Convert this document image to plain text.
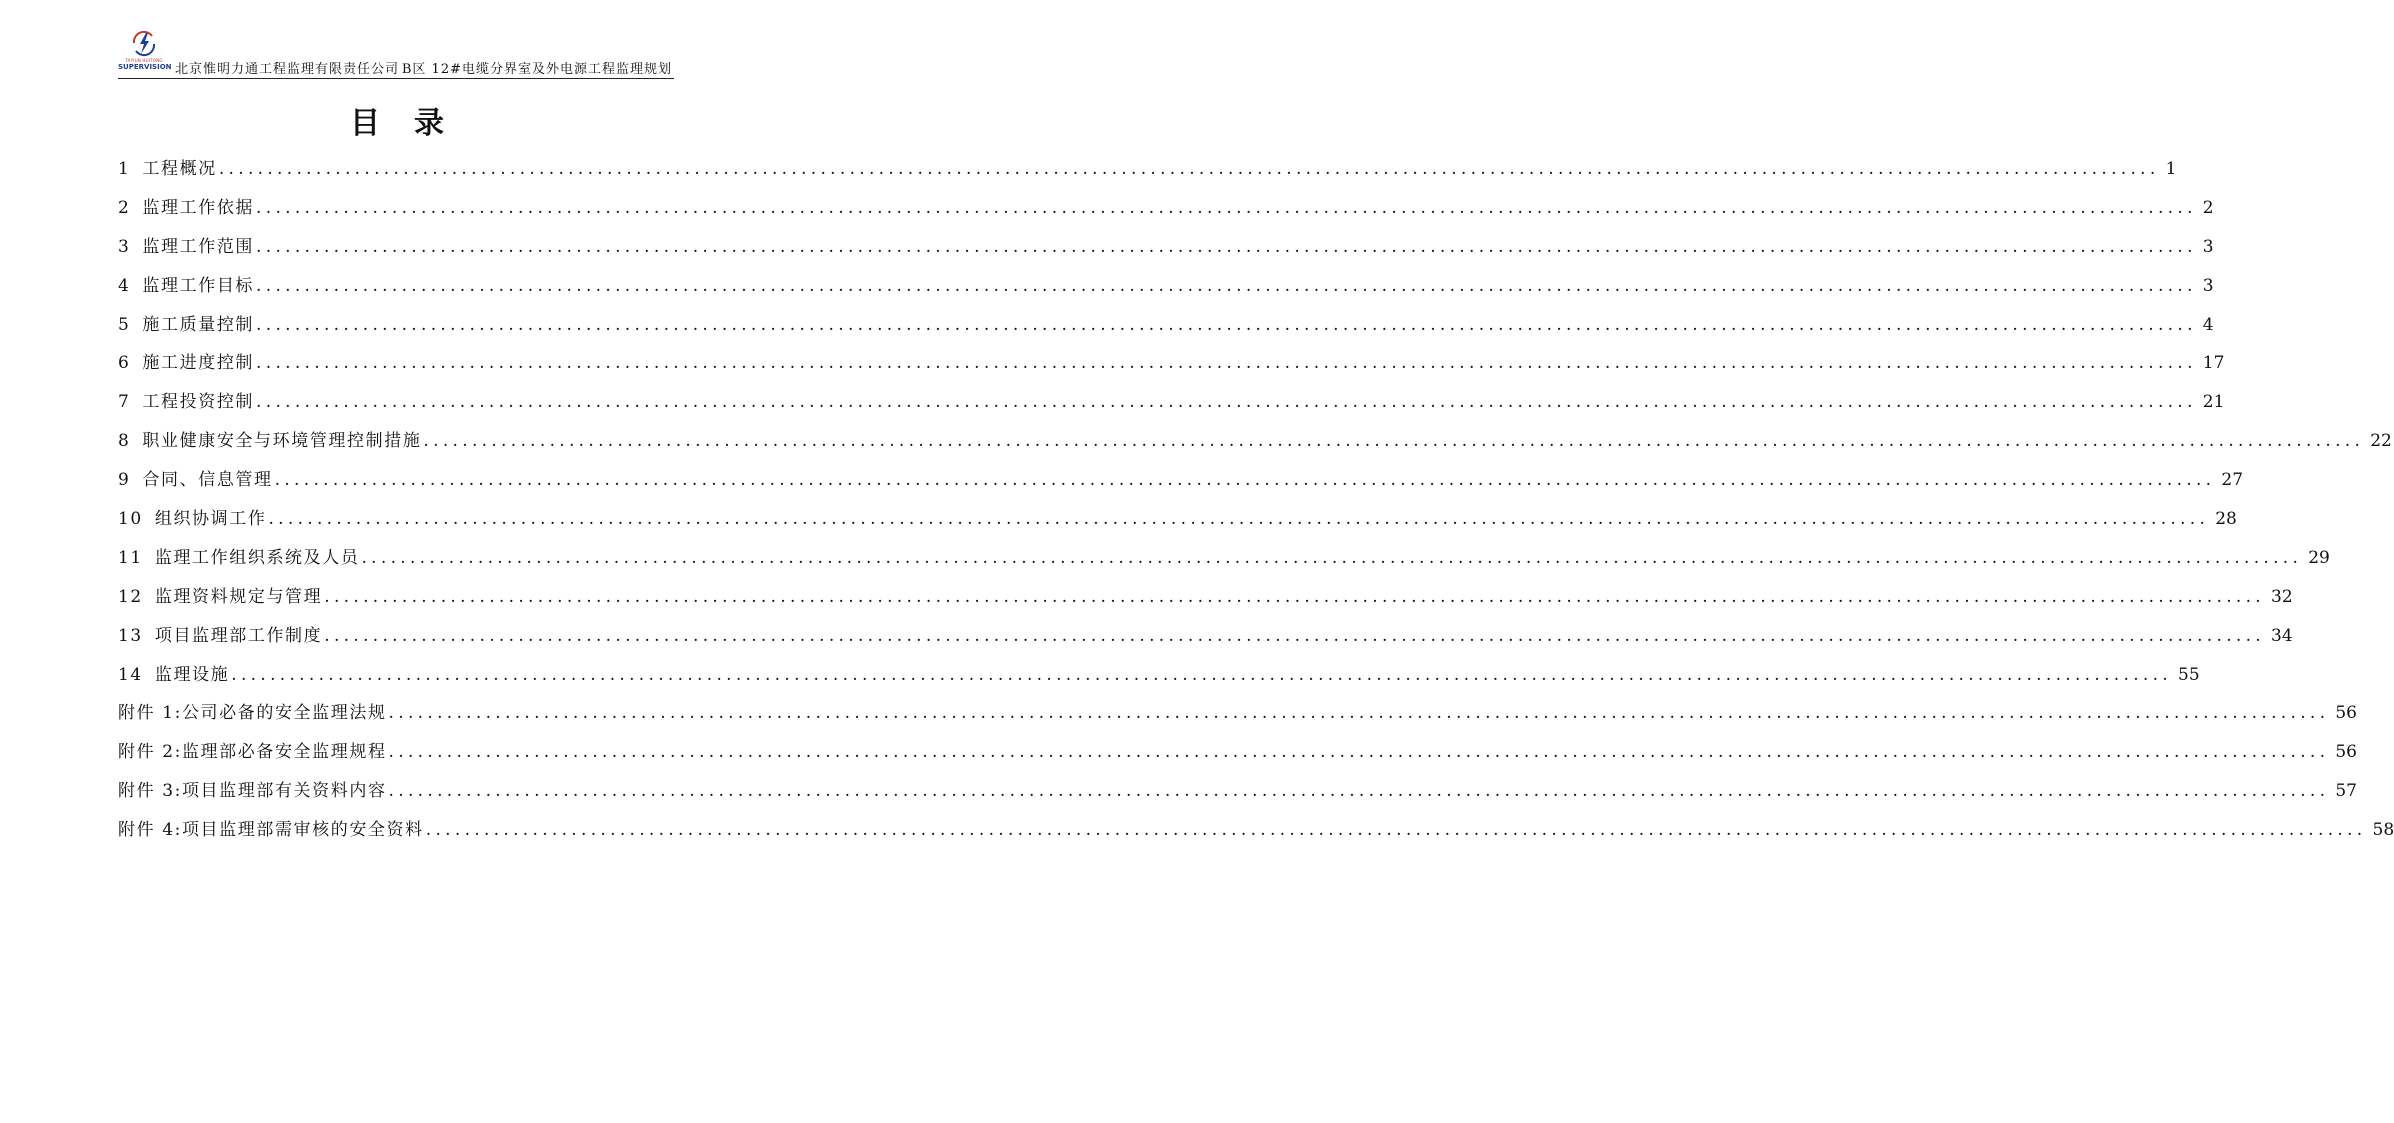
TAIYUN HUITONG
SUPERVISION 北京惟明力通工程监理有限责任公司 B区 12#电缆分界室及外电源工程监理规划
目录
1 工程概况 ........................................................................................................................................................................................................ 1
2 监理工作依据 ........................................................................................................................................................................................................ 2
3 监理工作范围 ........................................................................................................................................................................................................ 3
4 监理工作目标 ........................................................................................................................................................................................................ 3
5 施工质量控制 ........................................................................................................................................................................................................ 4
6 施工进度控制 ........................................................................................................................................................................................................ 17
7 工程投资控制 ........................................................................................................................................................................................................ 21
8 职业健康安全与环境管理控制措施 ........................................................................................................................................................................................................ 22
9 合同、信息管理 ........................................................................................................................................................................................................ 27
10 组织协调工作 ........................................................................................................................................................................................................ 28
11 监理工作组织系统及人员 ........................................................................................................................................................................................................ 29
12 监理资料规定与管理 ........................................................................................................................................................................................................ 32
13 项目监理部工作制度 ........................................................................................................................................................................................................ 34
14 监理设施 ........................................................................................................................................................................................................ 55
附件 1:公司必备的安全监理法规 ........................................................................................................................................................................................................ 56
附件 2:监理部必备安全监理规程 ........................................................................................................................................................................................................ 56
附件 3:项目监理部有关资料内容 ........................................................................................................................................................................................................ 57
附件 4:项目监理部需审核的安全资料 ........................................................................................................................................................................................................ 58
